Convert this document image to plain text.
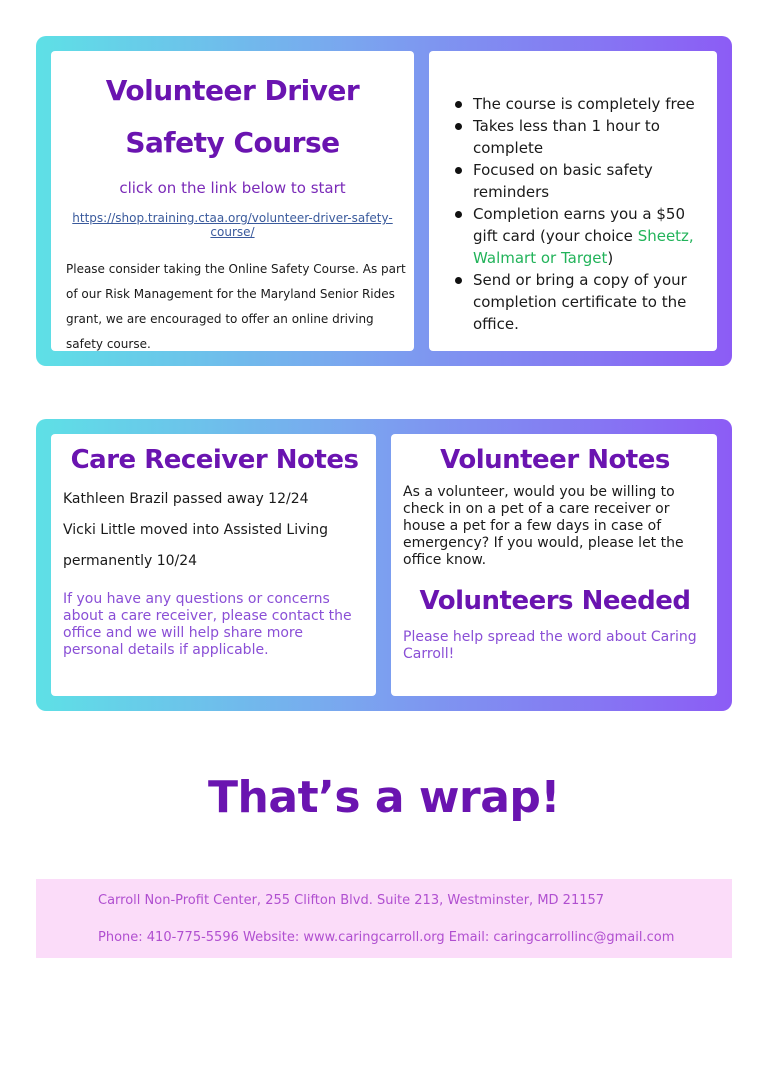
Volunteer Driver
Safety Course

click on the link below to start

https://shop.training.ctaa.org/volunteer-driver-safety-course/

Please consider taking the Online Safety Course. As part of our Risk Management for the Maryland Senior Rides grant, we are encouraged to offer an online driving safety course.

The course is completely free
Takes less than 1 hour to complete
Focused on basic safety reminders
Completion earns you a $50 gift card (your choice Sheetz, Walmart or Target)
Send or bring a copy of your completion certificate to the office.
Care Receiver Notes

Kathleen Brazil passed away 12/24

Vicki Little moved into Assisted Living

permanently 10/24

If you have any questions or concerns about a care receiver, please contact the office and we will help share more personal details if applicable.

Volunteer Notes

As a volunteer, would you be willing to check in on a pet of a care receiver or house a pet for a few days in case of emergency? If you would, please let the office know.

Volunteers Needed

Please help spread the word about Caring Carroll!

That’s a wrap!

Carroll Non-Profit Center, 255 Clifton Blvd. Suite 213, Westminster, MD 21157

Phone: 410-775-5596 Website: www.caringcarroll.org Email: caringcarrollinc@gmail.com
